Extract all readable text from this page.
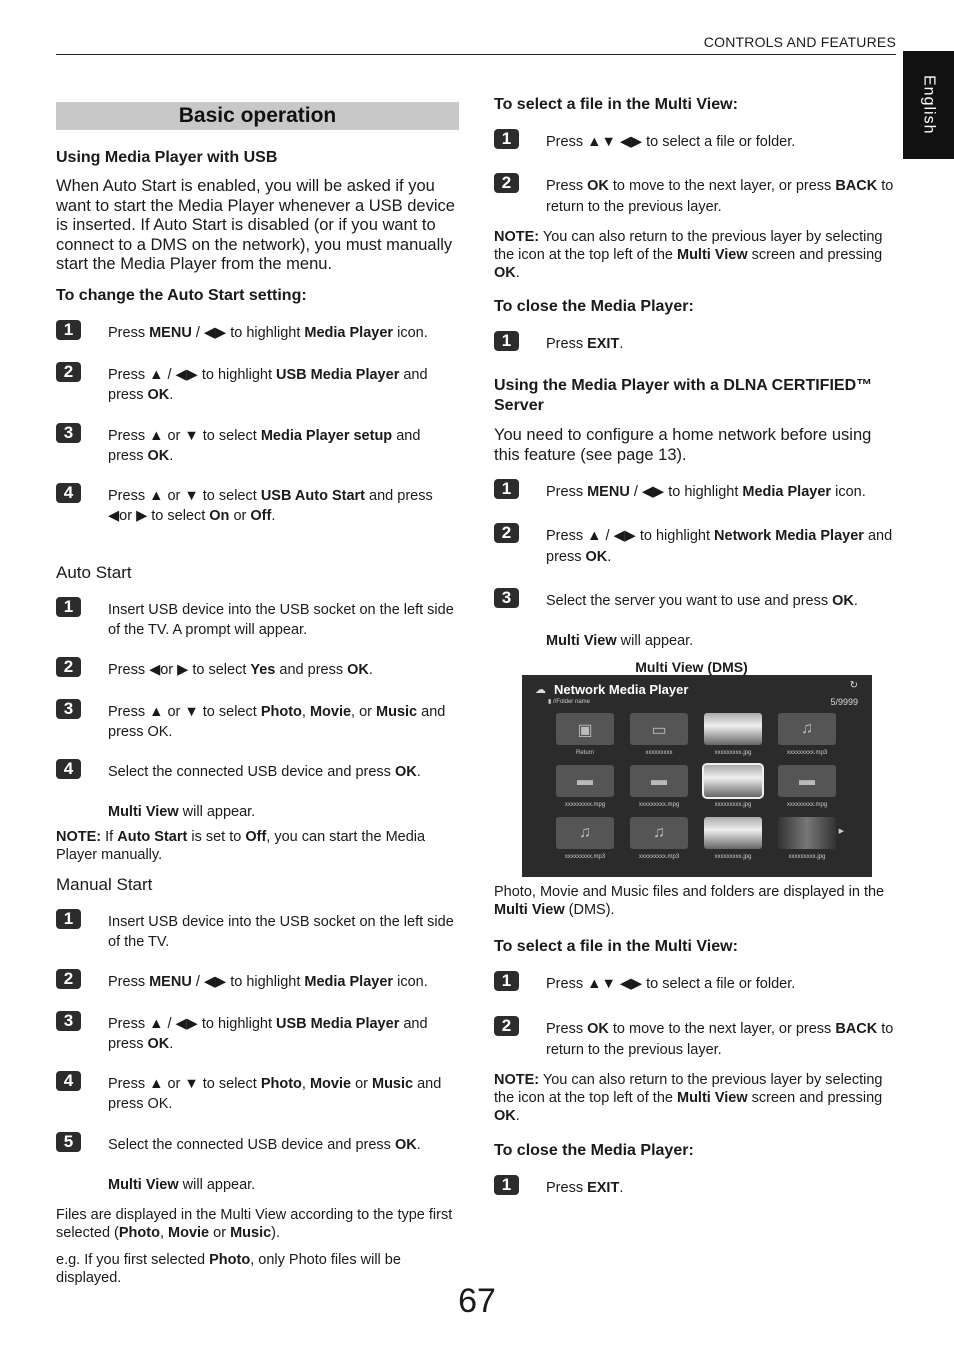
CONTROLS AND FEATURES
English
Basic operation
Using Media Player with USB

When Auto Start is enabled, you will be asked if you want to start the Media Player whenever a USB device is inserted. If Auto Start is disabled (or if you want to connect to a DMS on the network), you must manually start the Media Player from the menu.

To change the Auto Start setting:
1	Press MENU / ◀▶ to highlight Media Player icon.
2	Press ▲ / ◀▶ to highlight USB Media Player and press OK.
3	Press ▲ or ▼ to select Media Player setup and press OK.
4	Press ▲ or ▼ to select USB Auto Start and press ◀or ▶ to select On or Off.

Auto Start

1	Insert USB device into the USB socket on the left side of the TV. A prompt will appear.
2	Press ◀or ▶ to select Yes and press OK.
3	Press ▲ or ▼ to select Photo, Movie, or Music and press OK.
4	Select the connected USB device and press OK.
Multi View will appear.

NOTE: If Auto Start is set to Off, you can start the Media Player manually.

Manual Start

1	Insert USB device into the USB socket on the left side of the TV.
2	Press MENU / ◀▶ to highlight Media Player icon.
3	Press ▲ / ◀▶ to highlight USB Media Player and press OK.
4	Press ▲ or ▼ to select Photo, Movie or Music and press OK.
5	Select the connected USB device and press OK.
Multi View will appear.

Files are displayed in the Multi View according to the type first selected (Photo, Movie or Music).

e.g. If you first selected Photo, only Photo files will be displayed.

To select a file in the Multi View:
1	Press ▲▼ ◀▶ to select a file or folder.
2	Press OK to move to the next layer, or press BACK to return to the previous layer.

NOTE: You can also return to the previous layer by selecting the icon at the top left of the Multi View screen and pressing OK.

To close the Media Player:
1	Press EXIT.
Using the Media Player with a DLNA CERTIFIED™ Server

You need to configure a home network before using this feature (see page 13).

1	Press MENU / ◀▶ to highlight Media Player icon.
2	Press ▲ / ◀▶ to highlight Network Media Player and press OK.
3	Select the server you want to use and press OK.
Multi View will appear.
Multi View (DMS)
☁ Network Media Player
▮ //Folder name
↻
5/9999
▣	▭	♫
Return	xxxxxxxxx	xxxxxxxxx.jpg	xxxxxxxxx.mp3
▬	▬	▬
xxxxxxxxx.mpg	xxxxxxxxx.mpg	xxxxxxxxx.jpg	xxxxxxxxx.mpg
♫	♫
xxxxxxxxx.mp3	xxxxxxxxx.mp3	xxxxxxxxx.jpg	xxxxxxxxx.jpg
▶

Photo, Movie and Music files and folders are displayed in the Multi View (DMS).

To select a file in the Multi View:
1	Press ▲▼ ◀▶ to select a file or folder.
2	Press OK to move to the next layer, or press BACK to return to the previous layer.

NOTE: You can also return to the previous layer by selecting the icon at the top left of the Multi View screen and pressing OK.

To close the Media Player:
1	Press EXIT.
67
